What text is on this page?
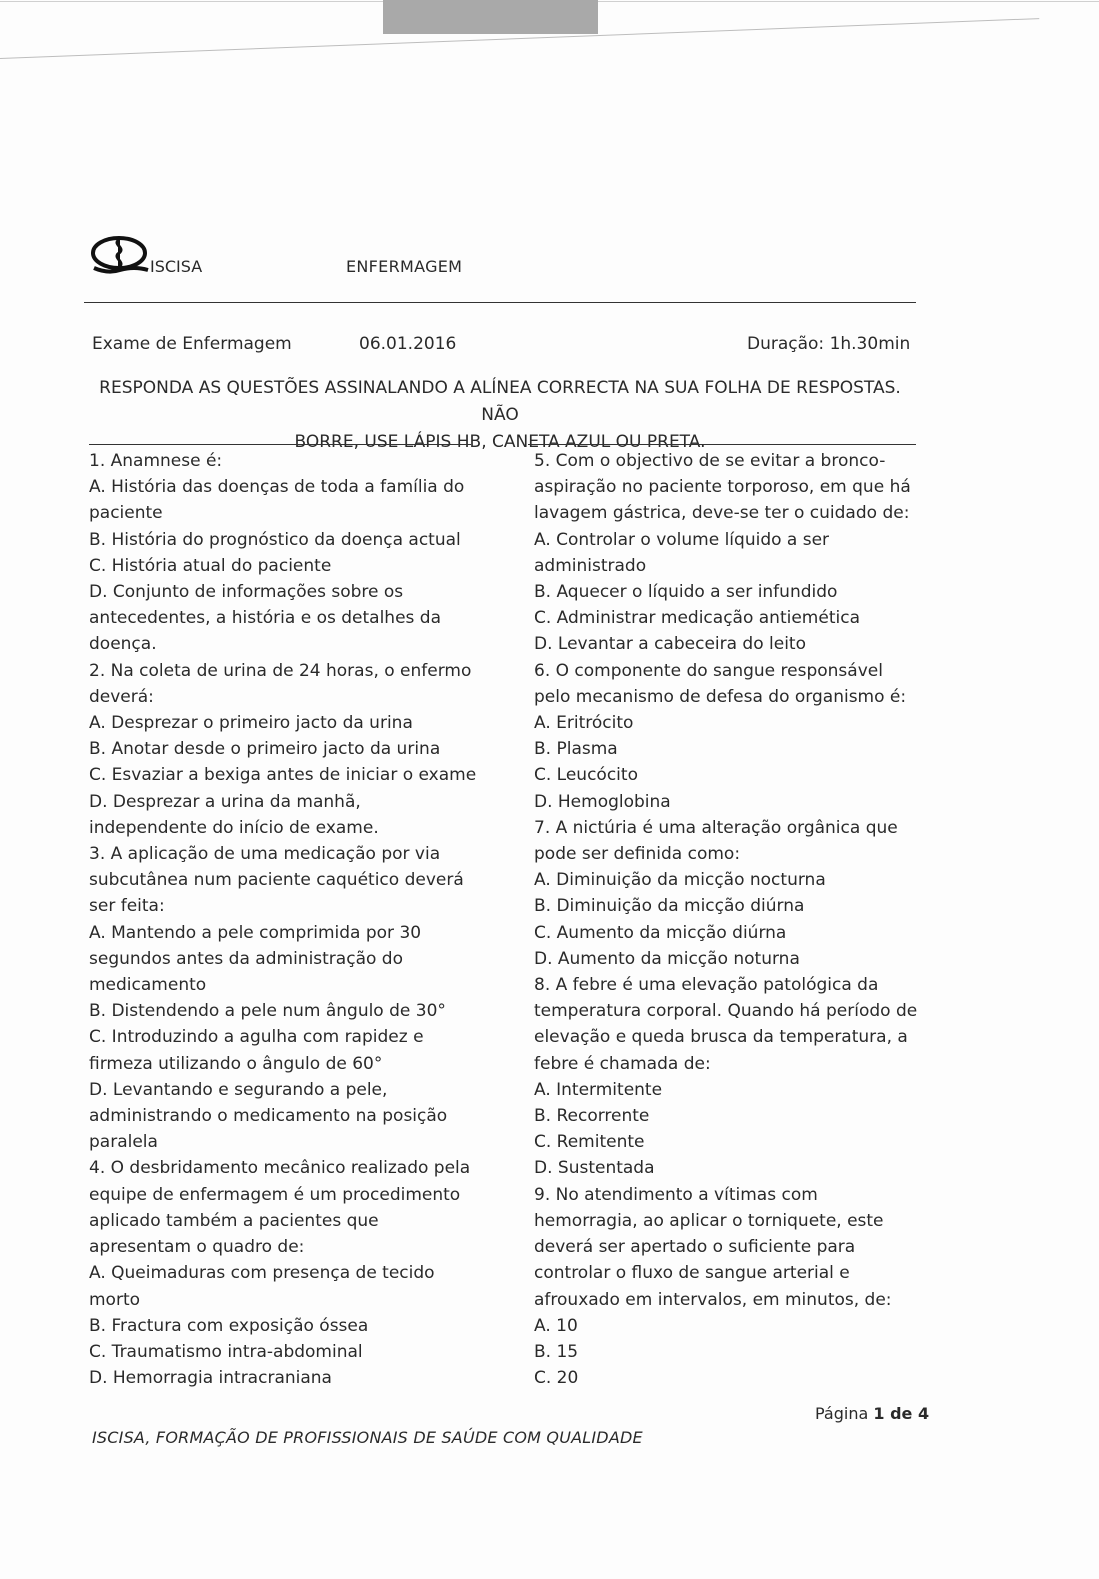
ISCISA	ENFERMAGEM
Exame de Enfermagem	06.01.2016	Duração: 1h.30min
RESPONDA AS QUESTÕES ASSINALANDO A ALÍNEA CORRECTA NA SUA FOLHA DE RESPOSTAS. NÃO
BORRE, USE LÁPIS HB, CANETA AZUL OU PRETA.

1. Anamnese é:

A. História das doenças de toda a família do

paciente

B. História do prognóstico da doença actual

C. História atual do paciente

D. Conjunto de informações sobre os

antecedentes, a história e os detalhes da

doença.

2. Na coleta de urina de 24 horas, o enfermo

deverá:

A. Desprezar o primeiro jacto da urina

B. Anotar desde o primeiro jacto da urina

C. Esvaziar a bexiga antes de iniciar o exame

D. Desprezar a urina da manhã,

independente do início de exame.

3. A aplicação de uma medicação por via

subcutânea num paciente caquético deverá

ser feita:

A. Mantendo a pele comprimida por 30

segundos antes da administração do

medicamento

B. Distendendo a pele num ângulo de 30°

C. Introduzindo a agulha com rapidez e

firmeza utilizando o ângulo de 60°

D. Levantando e segurando a pele,

administrando o medicamento na posição

paralela

4. O desbridamento mecânico realizado pela

equipe de enfermagem é um procedimento

aplicado também a pacientes que

apresentam o quadro de:

A. Queimaduras com presença de tecido

morto

B. Fractura com exposição óssea

C. Traumatismo intra-abdominal

D. Hemorragia intracraniana

5. Com o objectivo de se evitar a bronco-

aspiração no paciente torporoso, em que há

lavagem gástrica, deve-se ter o cuidado de:

A. Controlar o volume líquido a ser

administrado

B. Aquecer o líquido a ser infundido

C. Administrar medicação antiemética

D. Levantar a cabeceira do leito

6. O componente do sangue responsável

pelo mecanismo de defesa do organismo é:

A. Eritrócito

B. Plasma

C. Leucócito

D. Hemoglobina

7. A nictúria é uma alteração orgânica que

pode ser definida como:

A. Diminuição da micção nocturna

B. Diminuição da micção diúrna

C. Aumento da micção diúrna

D. Aumento da micção noturna

8. A febre é uma elevação patológica da

temperatura corporal. Quando há período de

elevação e queda brusca da temperatura, a

febre é chamada de:

A. Intermitente

B. Recorrente

C. Remitente

D. Sustentada

9. No atendimento a vítimas com

hemorragia, ao aplicar o torniquete, este

deverá ser apertado o suficiente para

controlar o fluxo de sangue arterial e

afrouxado em intervalos, em minutos, de:

A. 10

B. 15

C. 20

Página 1 de 4
ISCISA, FORMAÇÃO DE PROFISSIONAIS DE SAÚDE COM QUALIDADE
